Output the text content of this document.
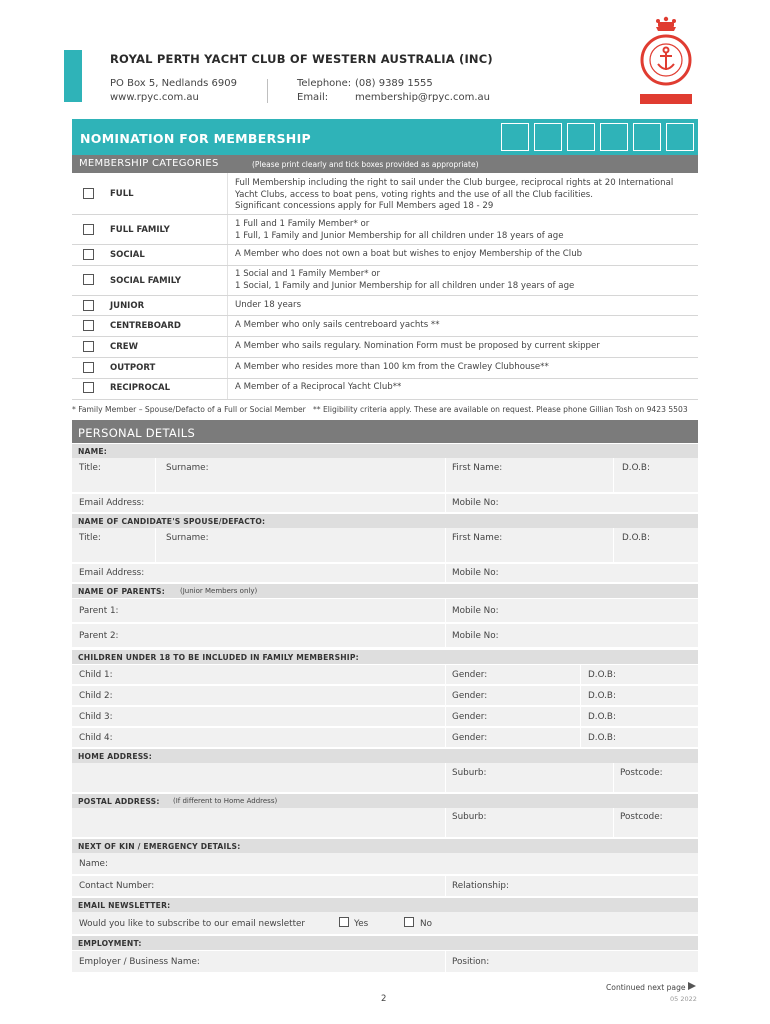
ROYAL PERTH YACHT CLUB OF WESTERN AUSTRALIA (INC)
PO Box 5, Nedlands 6909
www.rpyc.com.au
Telephone: (08) 9389 1555
Email:	membership@rpyc.com.au
NOMINATION FOR MEMBERSHIP
MEMBERSHIP CATEGORIES	(Please print clearly and tick boxes provided as appropriate)
FULL
Full Membership including the right to sail under the Club burgee, reciprocal rights at 20 International
Yacht Clubs, access to boat pens, voting rights and the use of all the Club facilities.
Significant concessions apply for Full Members aged 18 - 29
FULL FAMILY
1 Full and 1 Family Member* or
1 Full, 1 Family and Junior Membership for all children under 18 years of age
SOCIAL	A Member who does not own a boat but wishes to enjoy Membership of the Club
SOCIAL FAMILY
1 Social and 1 Family Member* or
1 Social, 1 Family and Junior Membership for all children under 18 years of age
JUNIOR	Under 18 years
CENTREBOARD	A Member who only sails centreboard yachts **
CREW	A Member who sails regulary. Nomination Form must be proposed by current skipper
OUTPORT	A Member who resides more than 100 km from the Crawley Clubhouse**
RECIPROCAL	A Member of a Reciprocal Yacht Club**
* Family Member – Spouse/Defacto of a Full or Social Member ** Eligibility criteria apply. These are available on request. Please phone Gillian Tosh on 9423 5503
PERSONAL DETAILS
NAME:
Title:	Surname:	First Name:	D.O.B:
Email Address:	Mobile No:
NAME OF CANDIDATE'S SPOUSE/DEFACTO:
Title:	Surname:	First Name:	D.O.B:
Email Address:	Mobile No:
NAME OF PARENTS: (Junior Members only)
Parent 1:	Mobile No:
Parent 2:	Mobile No:
CHILDREN UNDER 18 TO BE INCLUDED IN FAMILY MEMBERSHIP:
Child 1:	Gender:	D.O.B:
Child 2:	Gender:	D.O.B:
Child 3:	Gender:	D.O.B:
Child 4:	Gender:	D.O.B:
HOME ADDRESS:
Suburb:	Postcode:
POSTAL ADDRESS: (If different to Home Address)
Suburb:	Postcode:
NEXT OF KIN / EMERGENCY DETAILS:
Name:
Contact Number:	Relationship:
EMAIL NEWSLETTER:
Would you like to subscribe to our email newsletter	Yes	No
EMPLOYMENT:
Employer / Business Name:	Position:
Continued next page
2	05 2022
